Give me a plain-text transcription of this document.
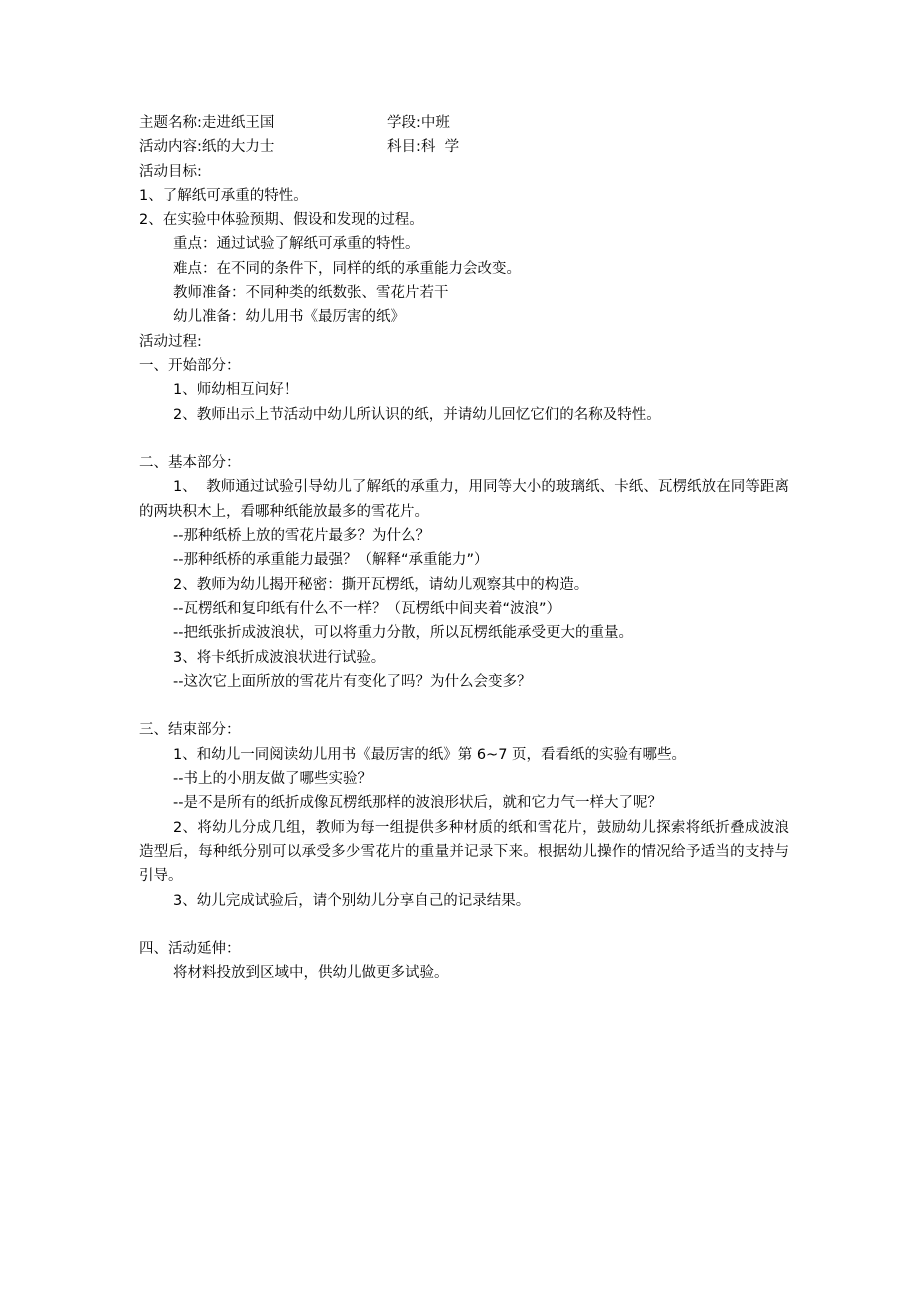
主题名称:走进纸王国	学段:中班
活动内容:纸的大力士	科目:科  学
活动目标:
1、了解纸可承重的特性。
2、在实验中体验预期、假设和发现的过程。
重点：通过试验了解纸可承重的特性。
难点：在不同的条件下，同样的纸的承重能力会改变。
教师准备：不同种类的纸数张、雪花片若干
幼儿准备：幼儿用书《最厉害的纸》
活动过程:
一、开始部分：
1、师幼相互问好！
2、教师出示上节活动中幼儿所认识的纸，并请幼儿回忆它们的名称及特性。
二、基本部分：
1、  教师通过试验引导幼儿了解纸的承重力，用同等大小的玻璃纸、卡纸、瓦楞纸放在同等距离的两块积木上，看哪种纸能放最多的雪花片。
--那种纸桥上放的雪花片最多？为什么？
--那种纸桥的承重能力最强？（解释“承重能力”）
2、教师为幼儿揭开秘密：撕开瓦楞纸，请幼儿观察其中的构造。
--瓦楞纸和复印纸有什么不一样？（瓦楞纸中间夹着“波浪”）
--把纸张折成波浪状，可以将重力分散，所以瓦楞纸能承受更大的重量。
3、将卡纸折成波浪状进行试验。
--这次它上面所放的雪花片有变化了吗？为什么会变多？
三、结束部分：
1、和幼儿一同阅读幼儿用书《最厉害的纸》第 6~7 页，看看纸的实验有哪些。
--书上的小朋友做了哪些实验？
--是不是所有的纸折成像瓦楞纸那样的波浪形状后，就和它力气一样大了呢？
2、将幼儿分成几组，教师为每一组提供多种材质的纸和雪花片，鼓励幼儿探索将纸折叠成波浪造型后，每种纸分别可以承受多少雪花片的重量并记录下来。根据幼儿操作的情况给予适当的支持与引导。
3、幼儿完成试验后，请个别幼儿分享自己的记录结果。
四、活动延伸：
将材料投放到区域中，供幼儿做更多试验。
